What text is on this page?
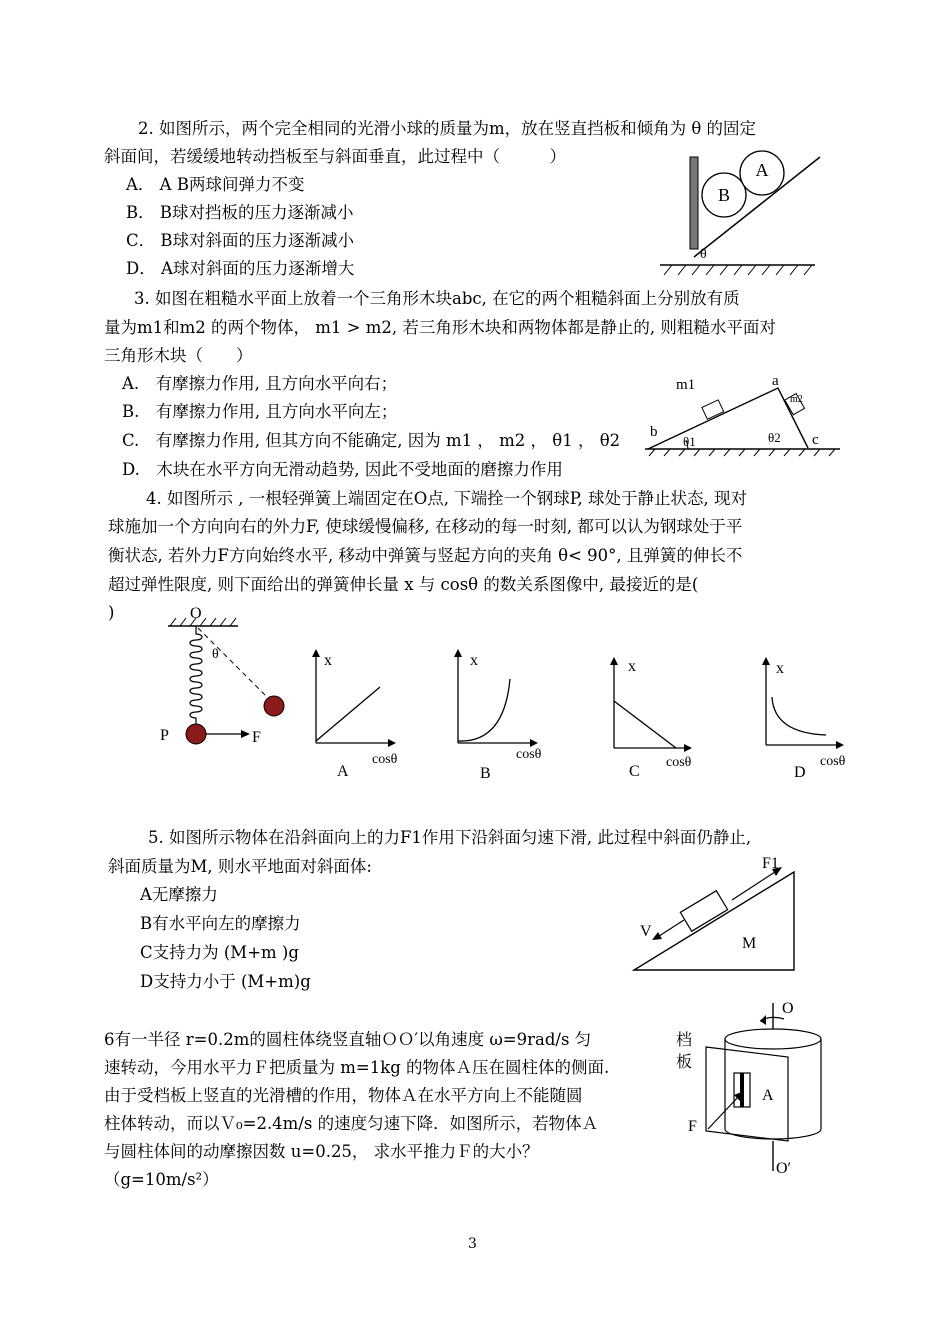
2. 如图所示，两个完全相同的光滑小球的质量为m，放在竖直挡板和倾角为 θ 的固定
斜面间，若缓缓地转动挡板至与斜面垂直，此过程中（　　　）
A． A B两球间弹力不变
B． B球对挡板的压力逐渐减小
C． B球对斜面的压力逐渐减小
D． A球对斜面的压力逐渐增大
B
A
θ
3. 如图在粗糙水平面上放着一个三角形木块abc, 在它的两个粗糙斜面上分别放有质
量为m1和m2 的两个物体， m1 > m2, 若三角形木块和两物体都是静止的, 则粗糙水平面对
三角形木块（　　）
A.　有摩擦力作用, 且方向水平向右；
B.　有摩擦力作用, 且方向水平向左；
C.　有摩擦力作用, 但其方向不能确定, 因为 m1 ， m2 ， θ1 ， θ2
D.　木块在水平方向无滑动趋势, 因此不受地面的磨擦力作用
m1	a
m2
b
θ1	θ2 c
4. 如图所示 , 一根轻弹簧上端固定在O点, 下端拴一个钢球P, 球处于静止状态, 现对
球施加一个方向向右的外力F, 使球缓慢偏移, 在移动的每一时刻, 都可以认为钢球处于平
衡状态, 若外力F方向始终水平, 移动中弹簧与竖起方向的夹角 θ< 90°, 且弹簧的伸长不
超过弹性限度, 则下面给出的弹簧伸长量 x 与 cosθ 的数关系图像中, 最接近的是(
)	O
θ
P	F
x
cosθ
A
x
cosθ
B
x
cosθ
C
x
cosθ
D
5. 如图所示物体在沿斜面向上的力F1作用下沿斜面匀速下滑, 此过程中斜面仍静止,
斜面质量为M, 则水平地面对斜面体:
A无摩擦力
B有水平向左的摩擦力
C支持力为 (M+m )g
D支持力小于 (M+m)g
F1
V
M
6有一半径 r=0.2m的圆柱体绕竖直轴ＯＯ′以角速度 ω=9rad/s 匀
速转动，今用水平力Ｆ把质量为 m=1kg 的物体Ａ压在圆柱体的侧面.
由于受档板上竖直的光滑槽的作用，物体Ａ在水平方向上不能随圆
柱体转动，而以Ｖ₀=2.4m/s 的速度匀速下降．如图所示，若物体Ａ
与圆柱体间的动摩擦因数 u=0.25， 求水平推力Ｆ的大小？
（g=10m/s²）
档
板
O
A
F
O′
3
